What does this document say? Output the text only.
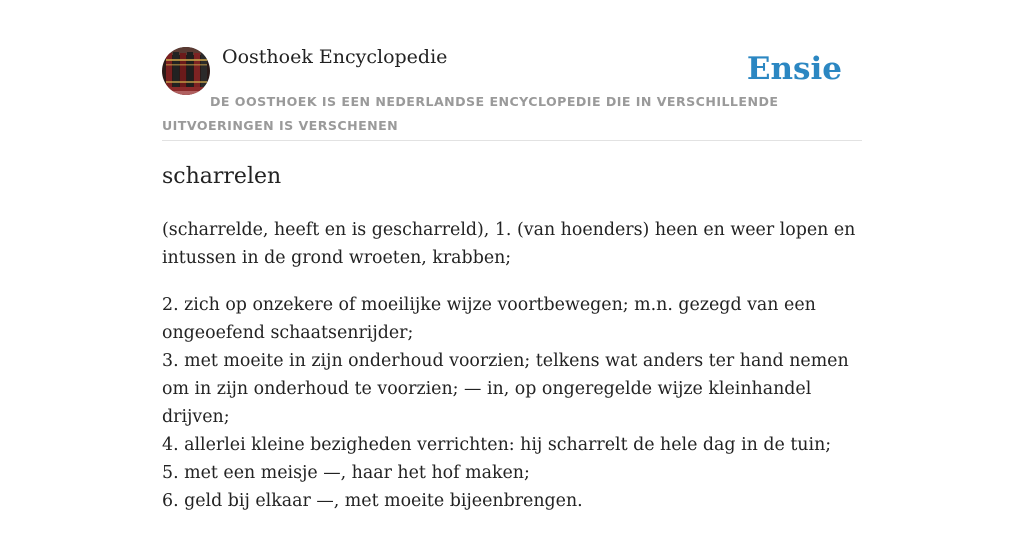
Oosthoek Encyclopedie	Ensie
DE OOSTHOEK IS EEN NEDERLANDSE ENCYCLOPEDIE DIE IN VERSCHILLENDE UITVOERINGEN IS VERSCHENEN
scharrelen

(scharrelde, heeft en is gescharreld), 1. (van hoenders) heen en weer lopen en intussen in de grond wroeten, krabben;

2. zich op onzekere of moeilijke wijze voortbewegen; m.n. gezegd van een ongeoefend schaatsenrijder;
3. met moeite in zijn onderhoud voorzien; telkens wat anders ter hand nemen om in zijn onderhoud te voorzien; — in, op ongeregelde wijze kleinhandel drijven;
4. allerlei kleine bezigheden verrichten: hij scharrelt de hele dag in de tuin;
5. met een meisje —, haar het hof maken;
6. geld bij elkaar —, met moeite bijeenbrengen.
